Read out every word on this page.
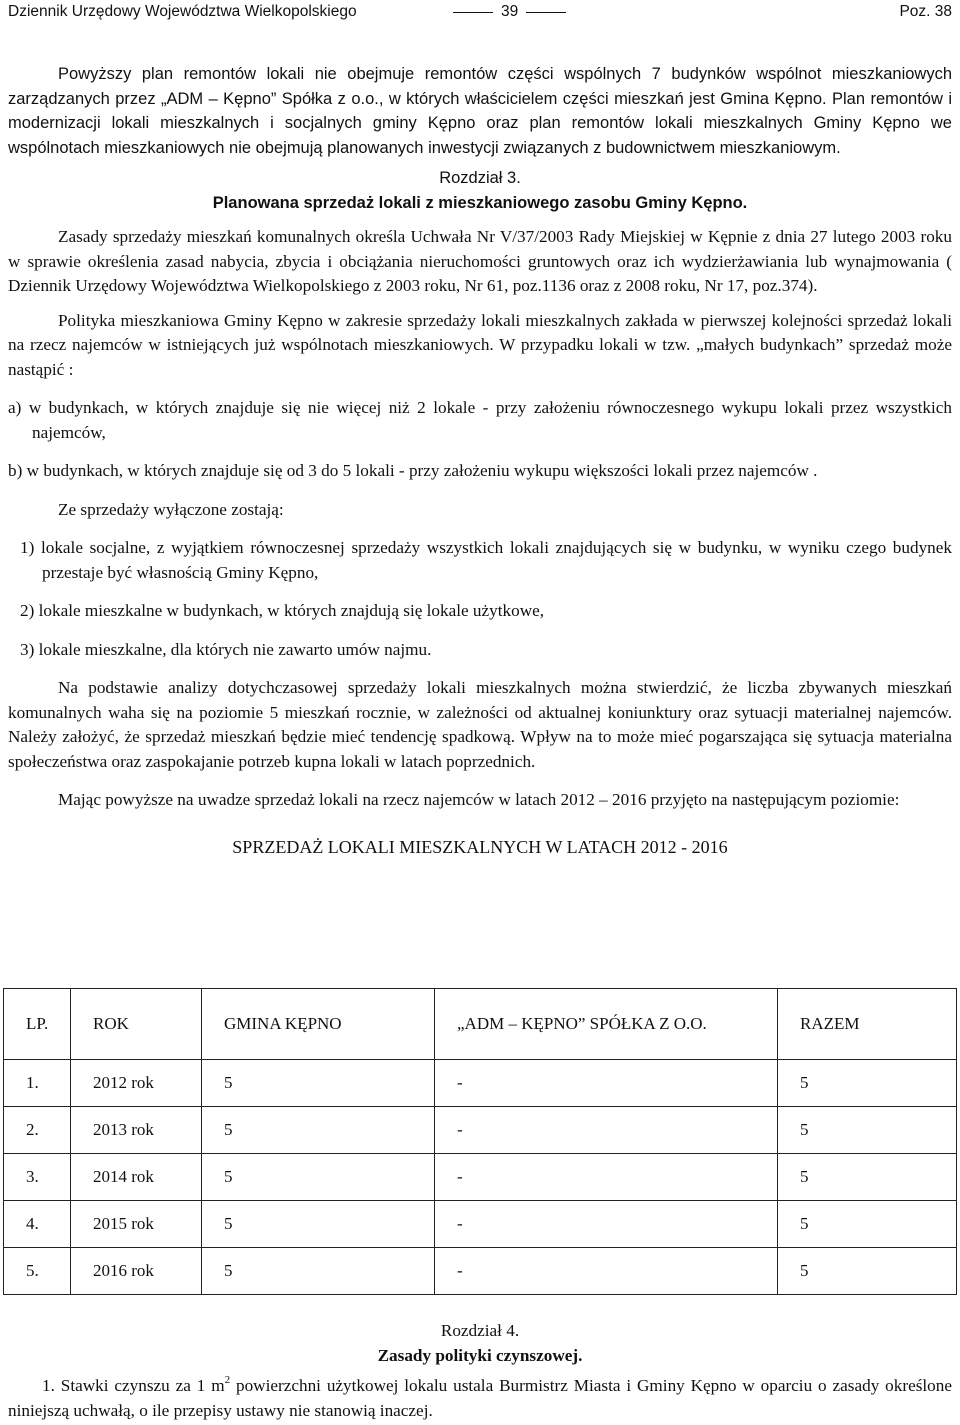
Dziennik Urzędowy Województwa Wielkopolskiego	39	Poz. 38

Powyższy plan remontów lokali nie obejmuje remontów części wspólnych 7 budynków wspólnot mieszkaniowych zarządzanych przez „ADM – Kępno” Spółka z o.o., w których właścicielem części mieszkań jest Gmina Kępno. Plan remontów i modernizacji lokali mieszkalnych i socjalnych gminy Kępno oraz plan remontów lokali mieszkalnych Gminy Kępno we wspólnotach mieszkaniowych nie obejmują planowanych inwestycji związanych z budownictwem mieszkaniowym.

Rozdział 3.

Planowana sprzedaż lokali z mieszkaniowego zasobu Gminy Kępno.

Zasady sprzedaży mieszkań komunalnych określa Uchwała Nr V/37/2003 Rady Miejskiej w Kępnie z dnia 27 lutego 2003 roku w sprawie określenia zasad nabycia, zbycia i obciążania nieruchomości gruntowych oraz ich wydzierżawiania lub wynajmowania ( Dziennik Urzędowy Województwa Wielkopolskiego z 2003 roku, Nr 61, poz.1136 oraz z 2008 roku, Nr 17, poz.374).

Polityka mieszkaniowa Gminy Kępno w zakresie sprzedaży lokali mieszkalnych zakłada w pierwszej kolejności sprzedaż lokali na rzecz najemców w istniejących już wspólnotach mieszkaniowych. W przypadku lokali w tzw. „małych budynkach” sprzedaż może nastąpić :

a) w budynkach, w których znajduje się nie więcej niż 2 lokale - przy założeniu równoczesnego wykupu lokali przez wszystkich najemców,

b) w budynkach, w których znajduje się od 3 do 5 lokali - przy założeniu wykupu większości lokali przez najemców .

Ze sprzedaży wyłączone zostają:

1) lokale socjalne, z wyjątkiem równoczesnej sprzedaży wszystkich lokali znajdujących się w budynku, w wyniku czego budynek przestaje być własnością Gminy Kępno,

2) lokale mieszkalne w budynkach, w których znajdują się lokale użytkowe,

3) lokale mieszkalne, dla których nie zawarto umów najmu.

Na podstawie analizy dotychczasowej sprzedaży lokali mieszkalnych można stwierdzić, że liczba zbywanych mieszkań komunalnych waha się na poziomie 5 mieszkań rocznie, w zależności od aktualnej koniunktury oraz sytuacji materialnej najemców. Należy założyć, że sprzedaż mieszkań będzie mieć tendencję spadkową. Wpływ na to może mieć pogarszająca się sytuacja materialna społeczeństwa oraz zaspokajanie potrzeb kupna lokali w latach poprzednich.

Mając powyższe na uwadze sprzedaż lokali na rzecz najemców w latach 2012 – 2016 przyjęto na następującym poziomie:

SPRZEDAŻ LOKALI MIESZKALNYCH W LATACH 2012 - 2016

LP.	ROK	GMINA KĘPNO	„ADM – KĘPNO” SPÓŁKA Z O.O.	RAZEM
1.	2012 rok	5	-	5
2.	2013 rok	5	-	5
3.	2014 rok	5	-	5
4.	2015 rok	5	-	5
5.	2016 rok	5	-	5

Rozdział 4.

Zasady polityki czynszowej.

1. Stawki czynszu za 1 $m^2$ powierzchni użytkowej lokalu ustala Burmistrz Miasta i Gminy Kępno w oparciu o zasady określone niniejszą uchwałą, o ile przepisy ustawy nie stanowią inaczej.
